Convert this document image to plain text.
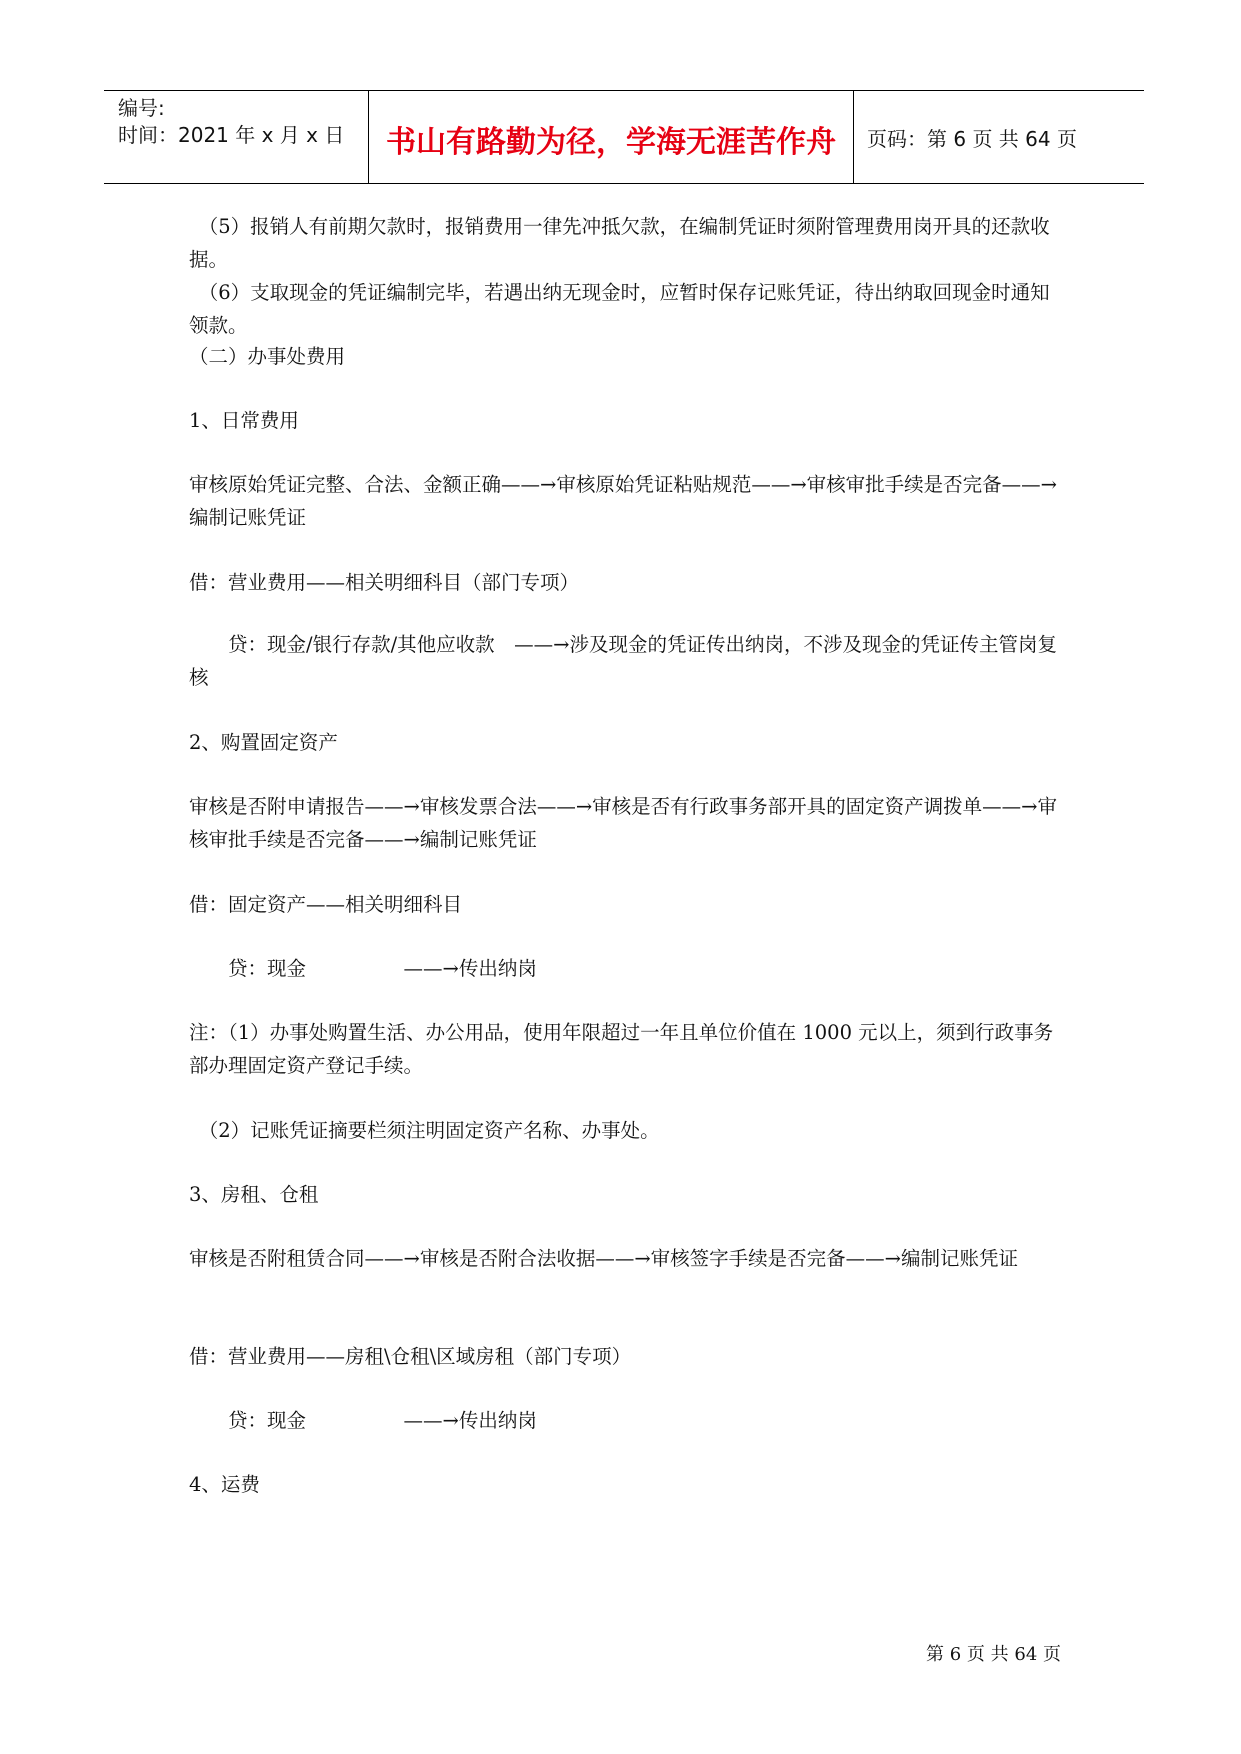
编号:
时间：2021 年 x 月 x 日	书山有路勤为径，学海无涯苦作舟	页码：第 6 页 共 64 页
　（5）报销人有前期欠款时，报销费用一律先冲抵欠款，在编制凭证时须附管理费用岗开具的还款收据。
　（6）支取现金的凭证编制完毕，若遇出纳无现金时，应暂时保存记账凭证，待出纳取回现金时通知领款。
（二）办事处费用
1、日常费用
审核原始凭证完整、合法、金额正确——→审核原始凭证粘贴规范——→审核审批手续是否完备——→编制记账凭证
借：营业费用——相关明细科目（部门专项）
　　贷：现金/银行存款/其他应收款　——→涉及现金的凭证传出纳岗，不涉及现金的凭证传主管岗复核
2、购置固定资产
审核是否附申请报告——→审核发票合法——→审核是否有行政事务部开具的固定资产调拨单——→审核审批手续是否完备——→编制记账凭证
借：固定资产——相关明细科目
　　贷：现金　　　　　——→传出纳岗
注：（1）办事处购置生活、办公用品，使用年限超过一年且单位价值在 1000 元以上，须到行政事务部办理固定资产登记手续。
　（2）记账凭证摘要栏须注明固定资产名称、办事处。
3、房租、仓租
审核是否附租赁合同——→审核是否附合法收据——→审核签字手续是否完备——→编制记账凭证
借：营业费用——房租\仓租\区域房租（部门专项）
　　贷：现金　　　　　——→传出纳岗
4、运费
第 6 页 共 64 页
